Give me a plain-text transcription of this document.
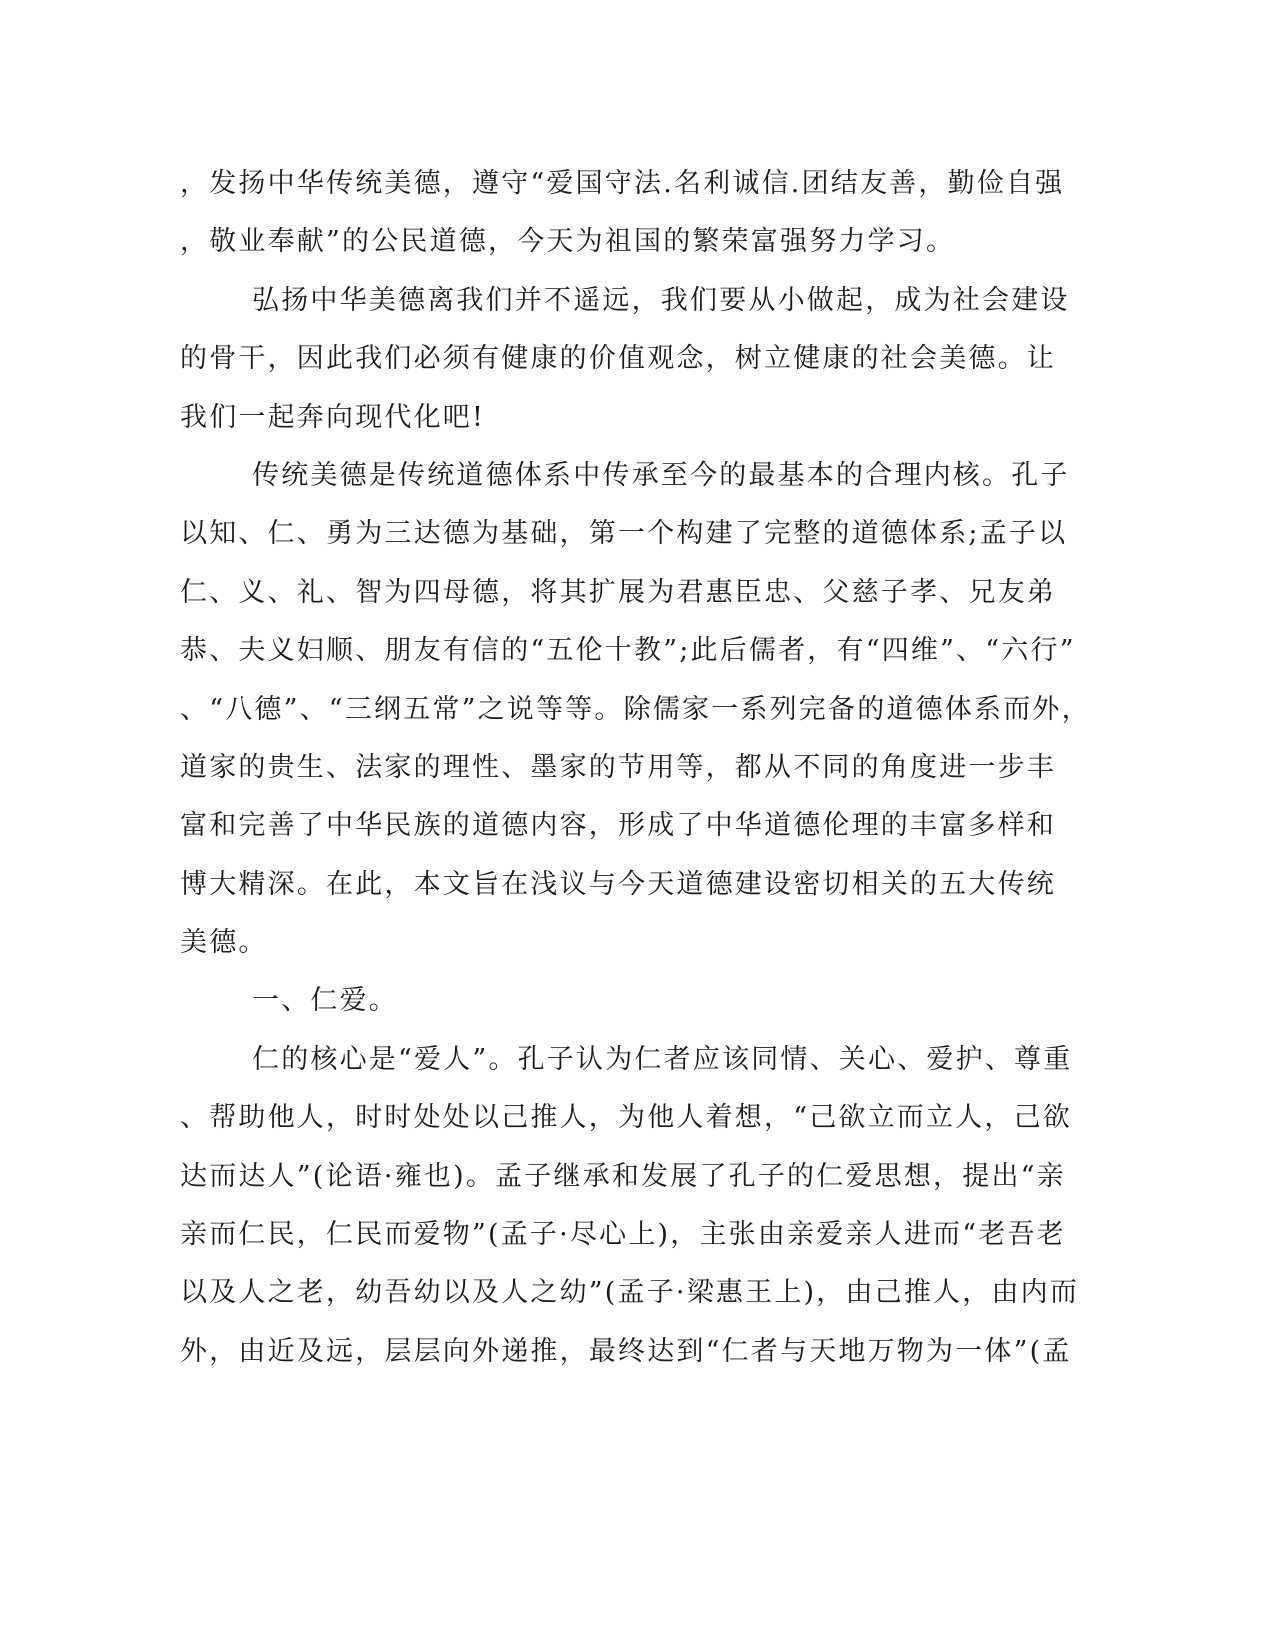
，发扬中华传统美德，遵守“爱国守法.名利诚信.团结友善，勤俭自强
，敬业奉献”的公民道德，今天为祖国的繁荣富强努力学习。
弘扬中华美德离我们并不遥远，我们要从小做起，成为社会建设
的骨干，因此我们必须有健康的价值观念，树立健康的社会美德。让
我们一起奔向现代化吧!
传统美德是传统道德体系中传承至今的最基本的合理内核。孔子
以知、仁、勇为三达德为基础，第一个构建了完整的道德体系;孟子以
仁、义、礼、智为四母德，将其扩展为君惠臣忠、父慈子孝、兄友弟
恭、夫义妇顺、朋友有信的“五伦十教”;此后儒者，有“四维”、“六行”
、“八德”、“三纲五常”之说等等。除儒家一系列完备的道德体系而外，
道家的贵生、法家的理性、墨家的节用等，都从不同的角度进一步丰
富和完善了中华民族的道德内容，形成了中华道德伦理的丰富多样和
博大精深。在此，本文旨在浅议与今天道德建设密切相关的五大传统
美德。
一、仁爱。
仁的核心是“爱人”。孔子认为仁者应该同情、关心、爱护、尊重
、帮助他人，时时处处以己推人，为他人着想，“己欲立而立人，己欲
达而达人”(论语·雍也)。孟子继承和发展了孔子的仁爱思想，提出“亲
亲而仁民，仁民而爱物”(孟子·尽心上)，主张由亲爱亲人进而“老吾老
以及人之老，幼吾幼以及人之幼”(孟子·梁惠王上)，由己推人，由内而
外，由近及远，层层向外递推，最终达到“仁者与天地万物为一体”(孟
